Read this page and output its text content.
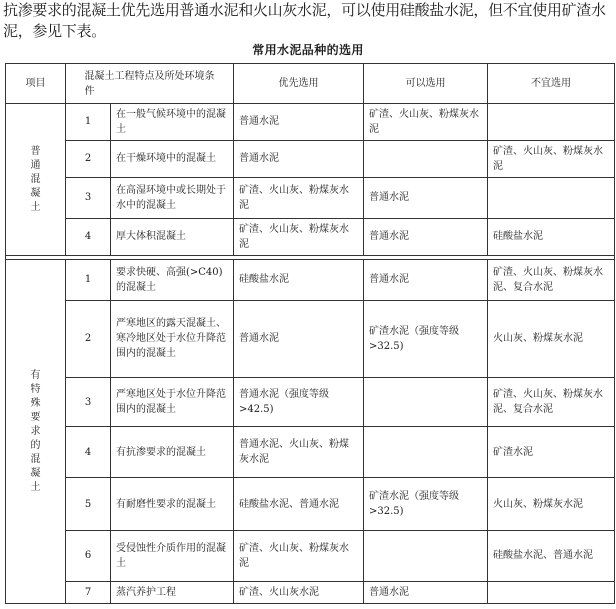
抗渗要求的混凝土优先选用普通水泥和火山灰水泥，可以使用硅酸盐水泥，但不宜使用矿渣水泥，参见下表。
常用水泥品种的选用
项目	混凝土工程特点及所处环境条件		优先选用	可以选用	不宜选用
普通混凝土	1	在一般气候环境中的混凝土	普通水泥	矿渣、火山灰、粉煤灰水泥	
	2	在干燥环境中的混凝土	普通水泥		矿渣、火山灰、粉煤灰水泥
	3	在高湿环境中或长期处于水中的混凝土	矿渣、火山灰、粉煤灰水泥	普通水泥	
	4	厚大体积混凝土	矿渣、火山灰、粉煤灰水泥	普通水泥	硅酸盐水泥

有特殊要求的混凝土	1	要求快硬、高强(>C40)的混凝土	硅酸盐水泥	普通水泥	矿渣、火山灰、粉煤灰水泥、复合水泥
	2	严寒地区的露天混凝土、寒冷地区处于水位升降范围内的混凝土	普通水泥	矿渣水泥（强度等级>32.5)	火山灰、粉煤灰水泥
	3	严寒地区处于水位升降范围内的混凝土	普通水泥（强度等级>42.5)		矿渣、火山灰、粉煤灰水泥、复合水泥
	4	有抗渗要求的混凝土	普通水泥、火山灰、粉煤灰水泥		矿渣水泥
	5	有耐磨性要求的混凝土	硅酸盐水泥、普通水泥	矿渣水泥（强度等级>32.5)	火山灰、粉煤灰水泥
	6	受侵蚀性介质作用的混凝土	矿渣、火山灰、粉煤灰水泥		硅酸盐水泥、普通水泥
	7	蒸汽养护工程	矿渣、火山灰水泥	普通水泥	
